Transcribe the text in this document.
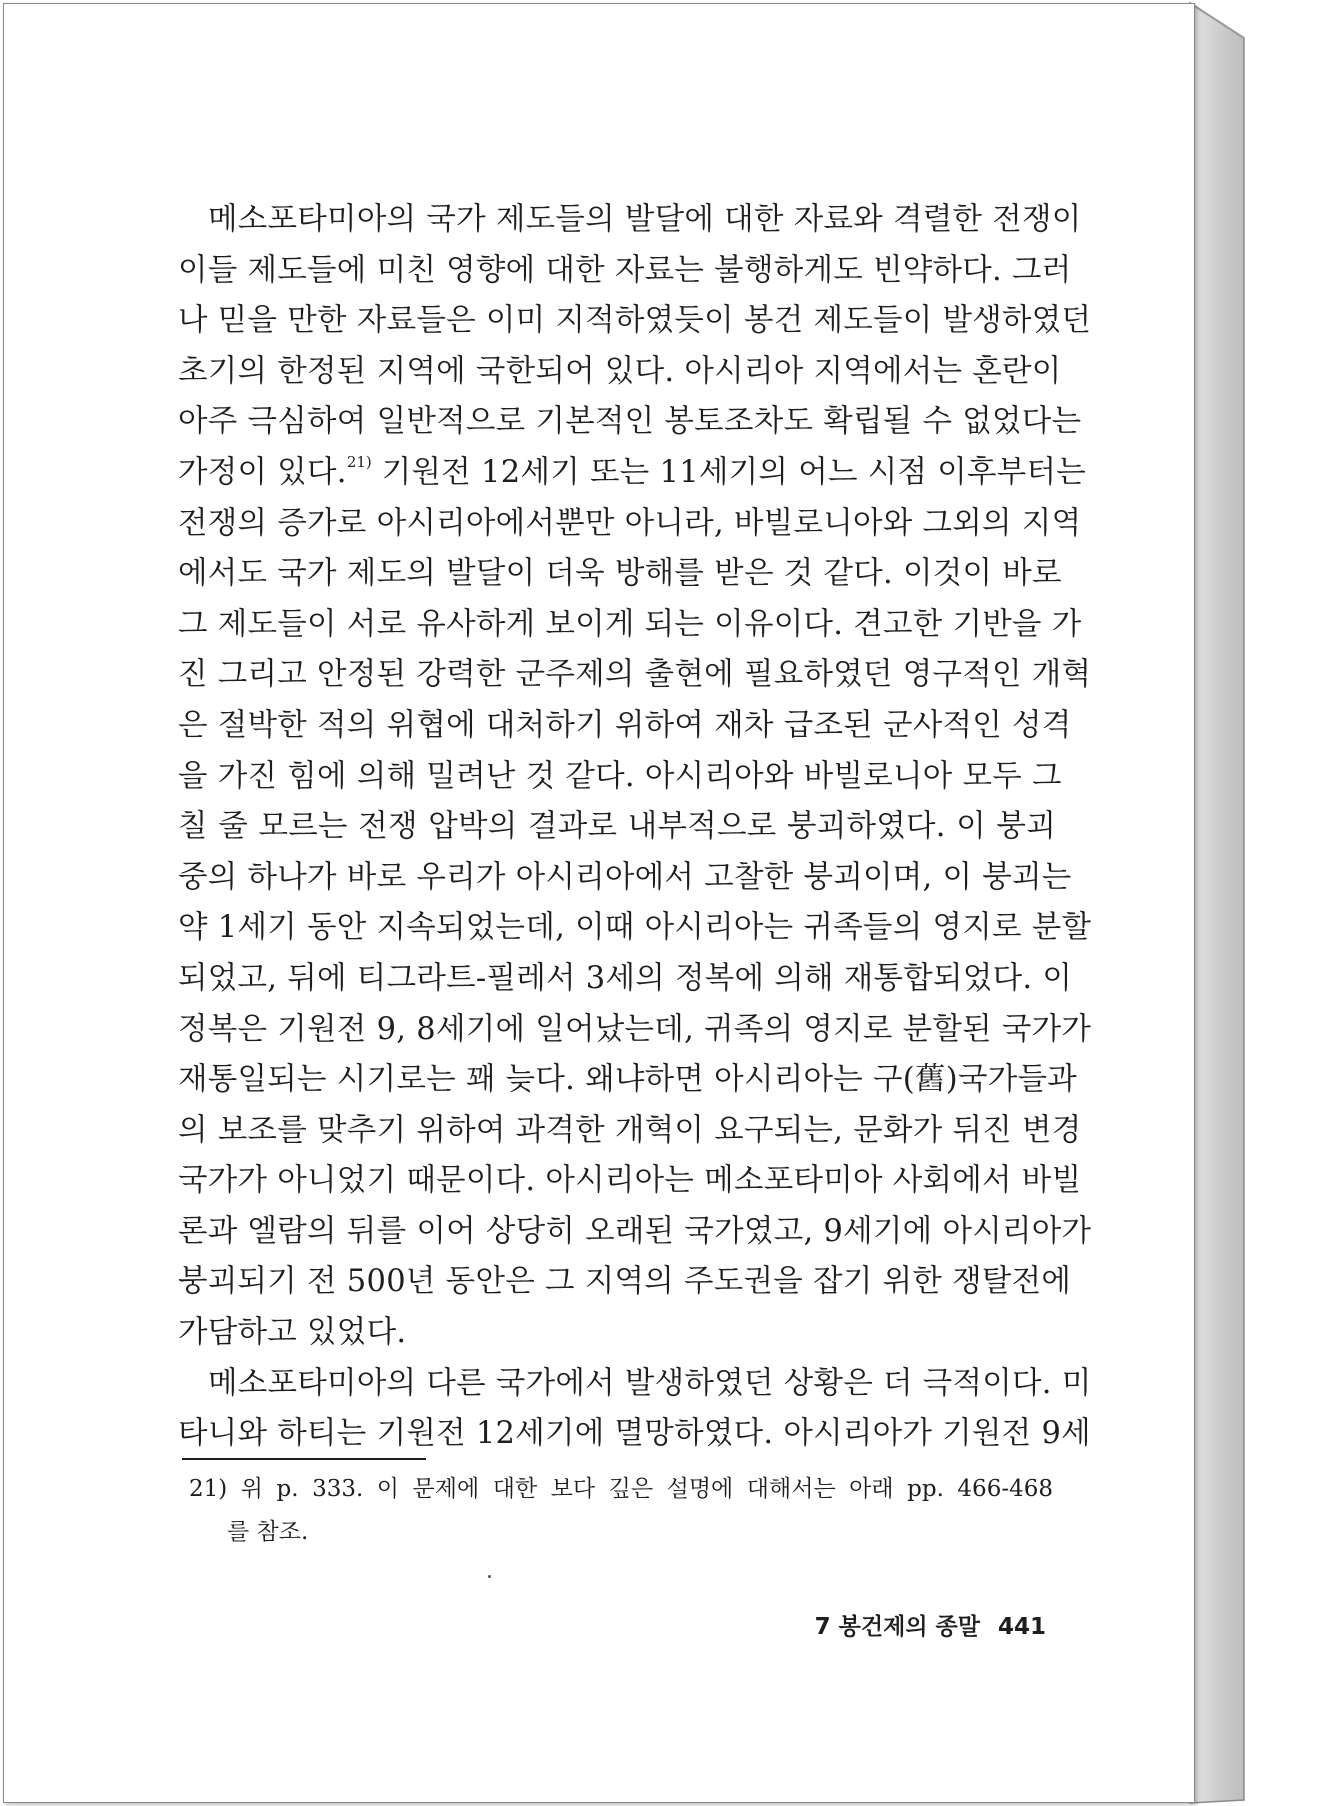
메소포타미아의 국가 제도들의 발달에 대한 자료와 격렬한 전쟁이
이들 제도들에 미친 영향에 대한 자료는 불행하게도 빈약하다. 그러
나 믿을 만한 자료들은 이미 지적하였듯이 봉건 제도들이 발생하였던
초기의 한정된 지역에 국한되어 있다. 아시리아 지역에서는 혼란이
아주 극심하여 일반적으로 기본적인 봉토조차도 확립될 수 없었다는
가정이 있다.$^{21)}$ 기원전 12세기 또는 11세기의 어느 시점 이후부터는
전쟁의 증가로 아시리아에서뿐만 아니라, 바빌로니아와 그외의 지역
에서도 국가 제도의 발달이 더욱 방해를 받은 것 같다. 이것이 바로
그 제도들이 서로 유사하게 보이게 되는 이유이다. 견고한 기반을 가
진 그리고 안정된 강력한 군주제의 출현에 필요하였던 영구적인 개혁
은 절박한 적의 위협에 대처하기 위하여 재차 급조된 군사적인 성격
을 가진 힘에 의해 밀려난 것 같다. 아시리아와 바빌로니아 모두 그
칠 줄 모르는 전쟁 압박의 결과로 내부적으로 붕괴하였다. 이 붕괴
중의 하나가 바로 우리가 아시리아에서 고찰한 붕괴이며, 이 붕괴는
약 1세기 동안 지속되었는데, 이때 아시리아는 귀족들의 영지로 분할
되었고, 뒤에 티그라트-필레서 3세의 정복에 의해 재통합되었다. 이
정복은 기원전 9, 8세기에 일어났는데, 귀족의 영지로 분할된 국가가
재통일되는 시기로는 꽤 늦다. 왜냐하면 아시리아는 구(舊)국가들과
의 보조를 맞추기 위하여 과격한 개혁이 요구되는, 문화가 뒤진 변경
국가가 아니었기 때문이다. 아시리아는 메소포타미아 사회에서 바빌
론과 엘람의 뒤를 이어 상당히 오래된 국가였고, 9세기에 아시리아가
붕괴되기 전 500년 동안은 그 지역의 주도권을 잡기 위한 쟁탈전에
가담하고 있었다.
메소포타미아의 다른 국가에서 발생하였던 상황은 더 극적이다. 미
타니와 하티는 기원전 12세기에 멸망하였다. 아시리아가 기원전 9세
21) 위 p. 333. 이 문제에 대한 보다 깊은 설명에 대해서는 아래 pp. 466-468
를 참조.
7 봉건제의 종말 441
